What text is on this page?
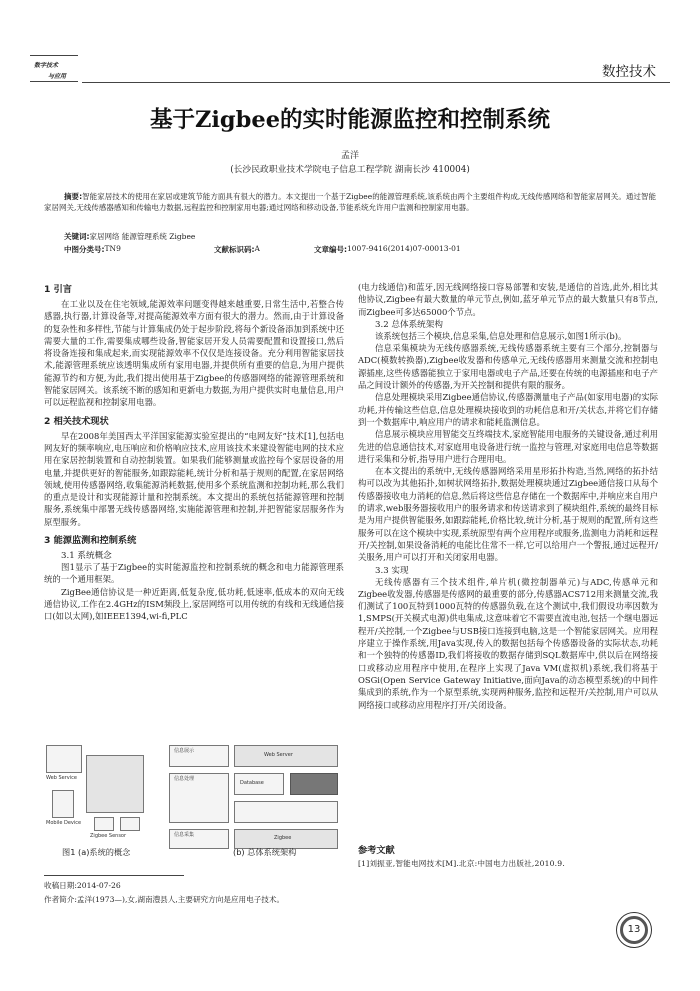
数字技术
与应用	数控技术
基于Zigbee的实时能源监控和控制系统
孟洋
(长沙民政职业技术学院电子信息工程学院 湖南长沙 410004)
摘要:智能家居技术的使用在家居或建筑节能方面具有很大的潜力。本文提出一个基于Zigbee的能源管理系统,该系统由两个主要组件构成,无线传感网络和智能家居网关。通过智能家居网关,无线传感器感知和传输电力数据,远程监控和控制家用电器;通过网络和移动设备,节能系统允许用户监测和控制家用电器。
关键词:家居网络 能源管理系统 Zigbee
中图分类号: TN9	文献标识码: A	文章编号: 1007-9416(2014)07-00013-01
1 引言

在工业以及在住宅领域,能源效率问题变得越来越重要,日常生活中,若整合传感器,执行器,计算设备等,对提高能源效率方面有很大的潜力。然而,由于计算设备的复杂性和多样性,节能与计算集成仍处于起步阶段,将每个新设备添加到系统中还需要大量的工作,需要集成哪些设备,智能家居开发人员需要配置和设置接口,然后将设备连接和集成起来,而实现能源效率不仅仅是连接设备。充分利用智能家居技术,能源管理系统应该透明集成所有家用电器,并提供所有重要的信息,为用户提供能源节约和方便,为此,我们提出使用基于Zigbee的传感器网络的能源管理系统和智能家居网关。该系统不断的感知和更新电力数据,为用户提供实时电量信息,用户可以远程监视和控制家用电器。

2 相关技术现状

早在2008年美国西太平洋国家能源实验室提出的“电网友好”技术[1],包括电网友好的频率响应,电压响应和价格响应技术,应用该技术来建设智能电网的技术应用在家居控制装置和自动控制装置。如果我们能够测量或监控每个家居设备的用电量,并提供更好的智能服务,如跟踪能耗,统计分析和基于规则的配置,在家居网络领域,使用传感器网络,收集能源消耗数据,使用多个系统监测和控制功耗,那么我们的重点是设计和实现能源计量和控制系统。本文提出的系统包括能源管理和控制服务,系统集中部署无线传感器网络,实施能源管理和控制,并把智能家居服务作为原型服务。

3 能源监测和控制系统
3.1 系统概念

图1显示了基于Zigbee的实时能源监控和控制系统的概念和电力能源管理系统的一个通用框架。

ZigBee通信协议是一种近距离,低复杂度,低功耗,低速率,低成本的双向无线通信协议,工作在2.4GHz的ISM频段上,家居网络可以用传统的有线和无线通信接口(如以太网),如IEEE1394,wi-fi,PLC

Web Service
Mobile Device
Zigbee Sensor
信息展示
信息处理
信息采集
Web Server
Database
Zigbee
图1 (a)系统的概念	(b) 总体系统架构
收稿日期:2014-07-26
作者简介:孟洋(1973—),女,湖南澧县人,主要研究方向是应用电子技术。

(电力线通信)和蓝牙,因无线网络接口容易部署和安装,是通信的首选,此外,相比其他协议,Zigbee有最大数量的单元节点,例如,蓝牙单元节点的最大数量只有8节点,而Zigbee可多达65000个节点。

3.2 总体系统架构

该系统包括三个模块,信息采集,信息处理和信息展示,如图1所示(b)。

信息采集模块为无线传感器系统,无线传感器系统主要有三个部分,控制器与ADC(模数转换器),Zigbee收发器和传感单元,无线传感器用来测量交流和控制电源插座,这些传感器能独立于家用电器或电子产品,还要在传统的电源插座和电子产品之间设计额外的传感器,为开关控制和提供有限的服务。

信息处理模块采用Zigbee通信协议,传感器测量电子产品(如家用电器)的实际功耗,并传输这些信息,信息处理模块接收到的功耗信息和开/关状态,并将它们存储到一个数据库中,响应用户的请求和能耗监测信息。

信息展示模块应用智能交互终端技术,家庭智能用电服务的关键设备,通过利用先进的信息通信技术,对家庭用电设备进行统一监控与管理,对家庭用电信息等数据进行采集和分析,指导用户进行合理用电。

在本文提出的系统中,无线传感器网络采用星形拓扑构造,当然,网络的拓扑结构可以改为其他拓扑,如树状网络拓扑,数据处理模块通过Zigbee通信接口从每个传感器接收电力消耗的信息,然后将这些信息存储在一个数据库中,并响应来自用户的请求,web服务器接收用户的服务请求和传送请求到了模块组件,系统的最终目标是为用户提供智能服务,如跟踪能耗,价格比较,统计分析,基于规则的配置,所有这些服务可以在这个模块中实现,系统原型有两个应用程序或服务,监测电力消耗和远程开/关控制,如果设备消耗的电能比住常不一样,它可以给用户一个警报,通过远程开/关服务,用户可以打开和关闭家用电器。

3.3 实现

无线传感器有三个技术组件,单片机(微控制器单元)与ADC,传感单元和Zigbee收发器,传感器是传感网的最重要的部分,传感器ACS712用来测量交流,我们测试了100瓦特到1000瓦特的传感器负载,在这个测试中,我们假设功率因数为1,SMPS(开关模式电源)供电集成,这意味着它不需要直流电池,包括一个继电器远程开/关控制,一个Zigbee与USB接口连接到电脑,这是一个智能家居网关。应用程序建立于操作系统,用Java实现,传入的数据包括每个传感器设备的实际状态,功耗和一个独特的传感器ID,我们将接收的数据存储到SQL数据库中,供以后在网络接口或移动应用程序中使用,在程序上实现了Java VM(虚拟机)系统,我们将基于OSGi(Open Service Gateway Initiative,面向Java的动态模型系统)的中间件集成到的系统,作为一个原型系统,实现两种服务,监控和远程开/关控制,用户可以从网络接口或移动应用程序打开/关闭设备。

参考文献
[1]刘振亚,智能电网技术[M].北京:中国电力出版社,2010.9.
13
